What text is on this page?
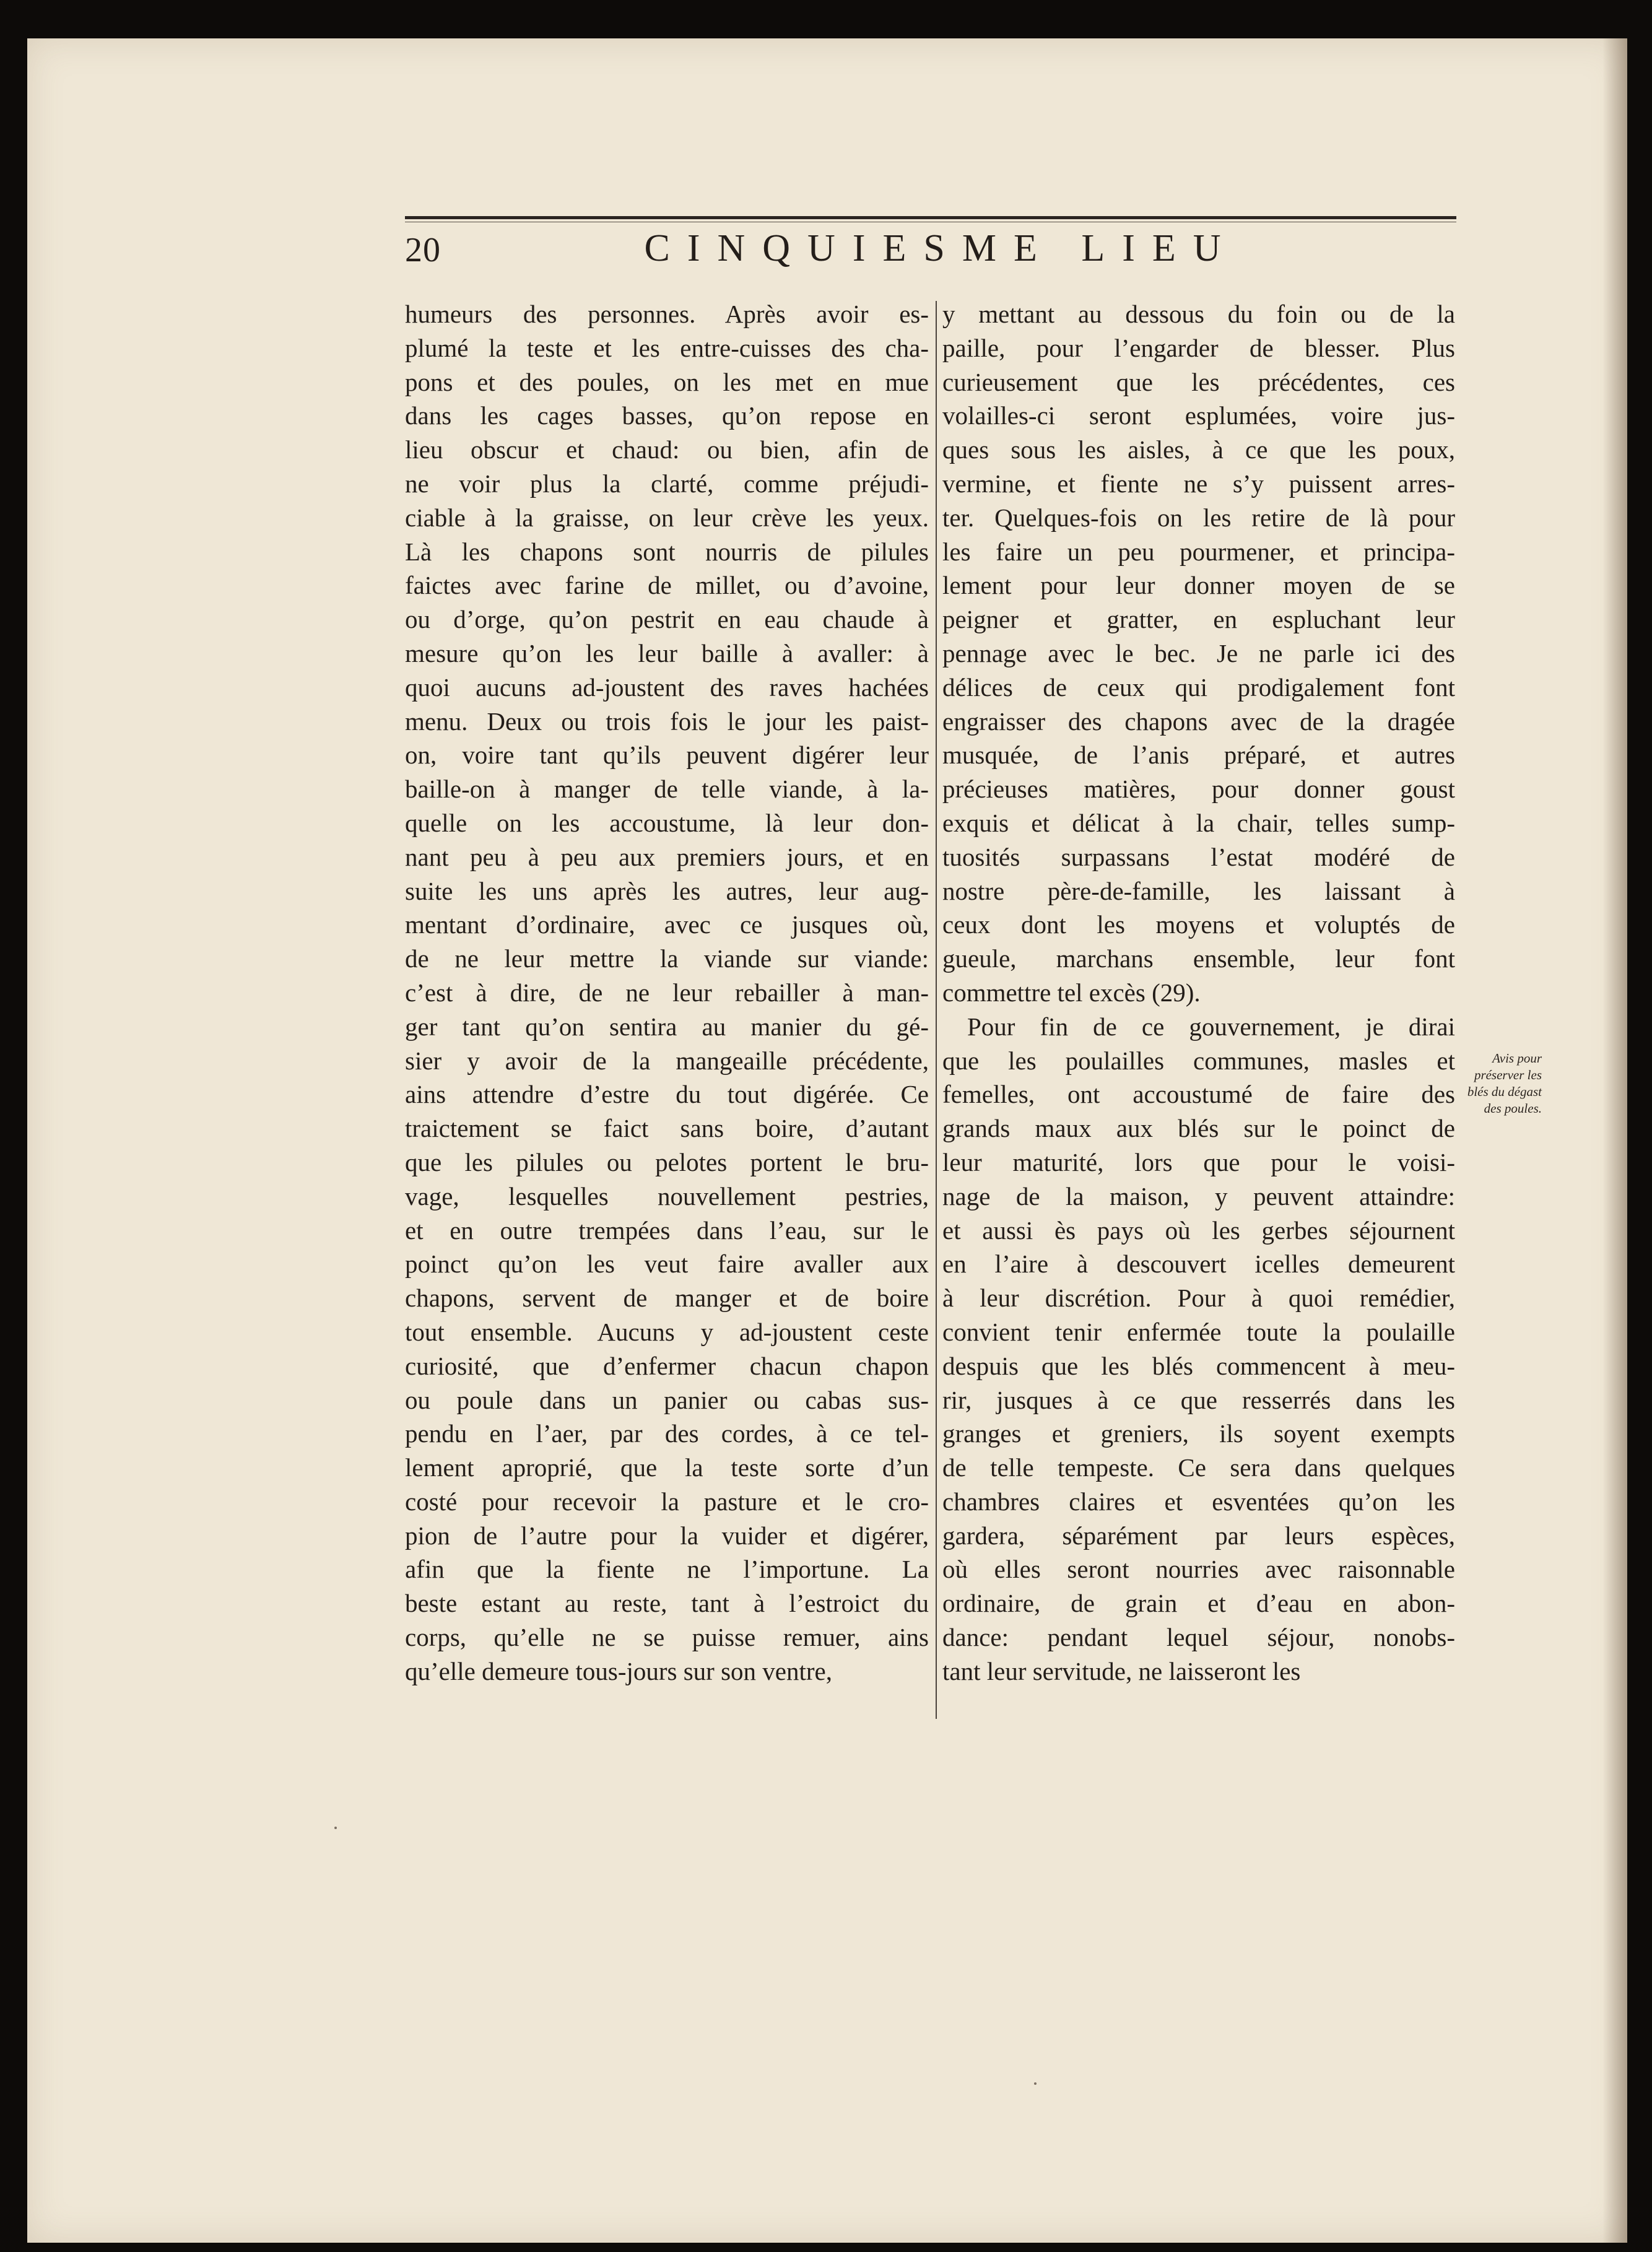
20	CINQUIESME LIEU
humeurs des personnes. Après avoir es-
plumé la teste et les entre-cuisses des cha-
pons et des poules, on les met en mue
dans les cages basses, qu’on repose en
lieu obscur et chaud: ou bien, afin de
ne voir plus la clarté, comme préjudi-
ciable à la graisse, on leur crève les yeux.
Là les chapons sont nourris de pilules
faictes avec farine de millet, ou d’avoine,
ou d’orge, qu’on pestrit en eau chaude à
mesure qu’on les leur baille à avaller: à
quoi aucuns ad-joustent des raves hachées
menu. Deux ou trois fois le jour les paist-
on, voire tant qu’ils peuvent digérer leur
baille-on à manger de telle viande, à la-
quelle on les accoustume, là leur don-
nant peu à peu aux premiers jours, et en
suite les uns après les autres, leur aug-
mentant d’ordinaire, avec ce jusques où,
de ne leur mettre la viande sur viande:
c’est à dire, de ne leur rebailler à man-
ger tant qu’on sentira au manier du gé-
sier y avoir de la mangeaille précédente,
ains attendre d’estre du tout digérée. Ce
traictement se faict sans boire, d’autant
que les pilules ou pelotes portent le bru-
vage, lesquelles nouvellement pestries,
et en outre trempées dans l’eau, sur le
poinct qu’on les veut faire avaller aux
chapons, servent de manger et de boire
tout ensemble. Aucuns y ad-joustent ceste
curiosité, que d’enfermer chacun chapon
ou poule dans un panier ou cabas sus-
pendu en l’aer, par des cordes, à ce tel-
lement aproprié, que la teste sorte d’un
costé pour recevoir la pasture et le cro-
pion de l’autre pour la vuider et digérer,
afin que la fiente ne l’importune. La
beste estant au reste, tant à l’estroict du
corps, qu’elle ne se puisse remuer, ains
qu’elle demeure tous-jours sur son ventre,
y mettant au dessous du foin ou de la
paille, pour l’engarder de blesser. Plus
curieusement que les précédentes, ces
volailles-ci seront esplumées, voire jus-
ques sous les aisles, à ce que les poux,
vermine, et fiente ne s’y puissent arres-
ter. Quelques-fois on les retire de là pour
les faire un peu pourmener, et principa-
lement pour leur donner moyen de se
peigner et gratter, en espluchant leur
pennage avec le bec. Je ne parle ici des
délices de ceux qui prodigalement font
engraisser des chapons avec de la dragée
musquée, de l’anis préparé, et autres
précieuses matières, pour donner goust
exquis et délicat à la chair, telles sump-
tuosités surpassans l’estat modéré de
nostre père-de-famille, les laissant à
ceux dont les moyens et voluptés de
gueule, marchans ensemble, leur font
commettre tel excès (29).
Pour fin de ce gouvernement, je dirai
que les poulailles communes, masles et
femelles, ont accoustumé de faire des
grands maux aux blés sur le poinct de
leur maturité, lors que pour le voisi-
nage de la maison, y peuvent attaindre:
et aussi ès pays où les gerbes séjournent
en l’aire à descouvert icelles demeurent
à leur discrétion. Pour à quoi remédier,
convient tenir enfermée toute la poulaille
despuis que les blés commencent à meu-
rir, jusques à ce que resserrés dans les
granges et greniers, ils soyent exempts
de telle tempeste. Ce sera dans quelques
chambres claires et esventées qu’on les
gardera, séparément par leurs espèces,
où elles seront nourries avec raisonnable
ordinaire, de grain et d’eau en abon-
dance: pendant lequel séjour, nonobs-
tant leur servitude, ne laisseront les
Avis pour
préserver les
blés du dégast
des poules.
